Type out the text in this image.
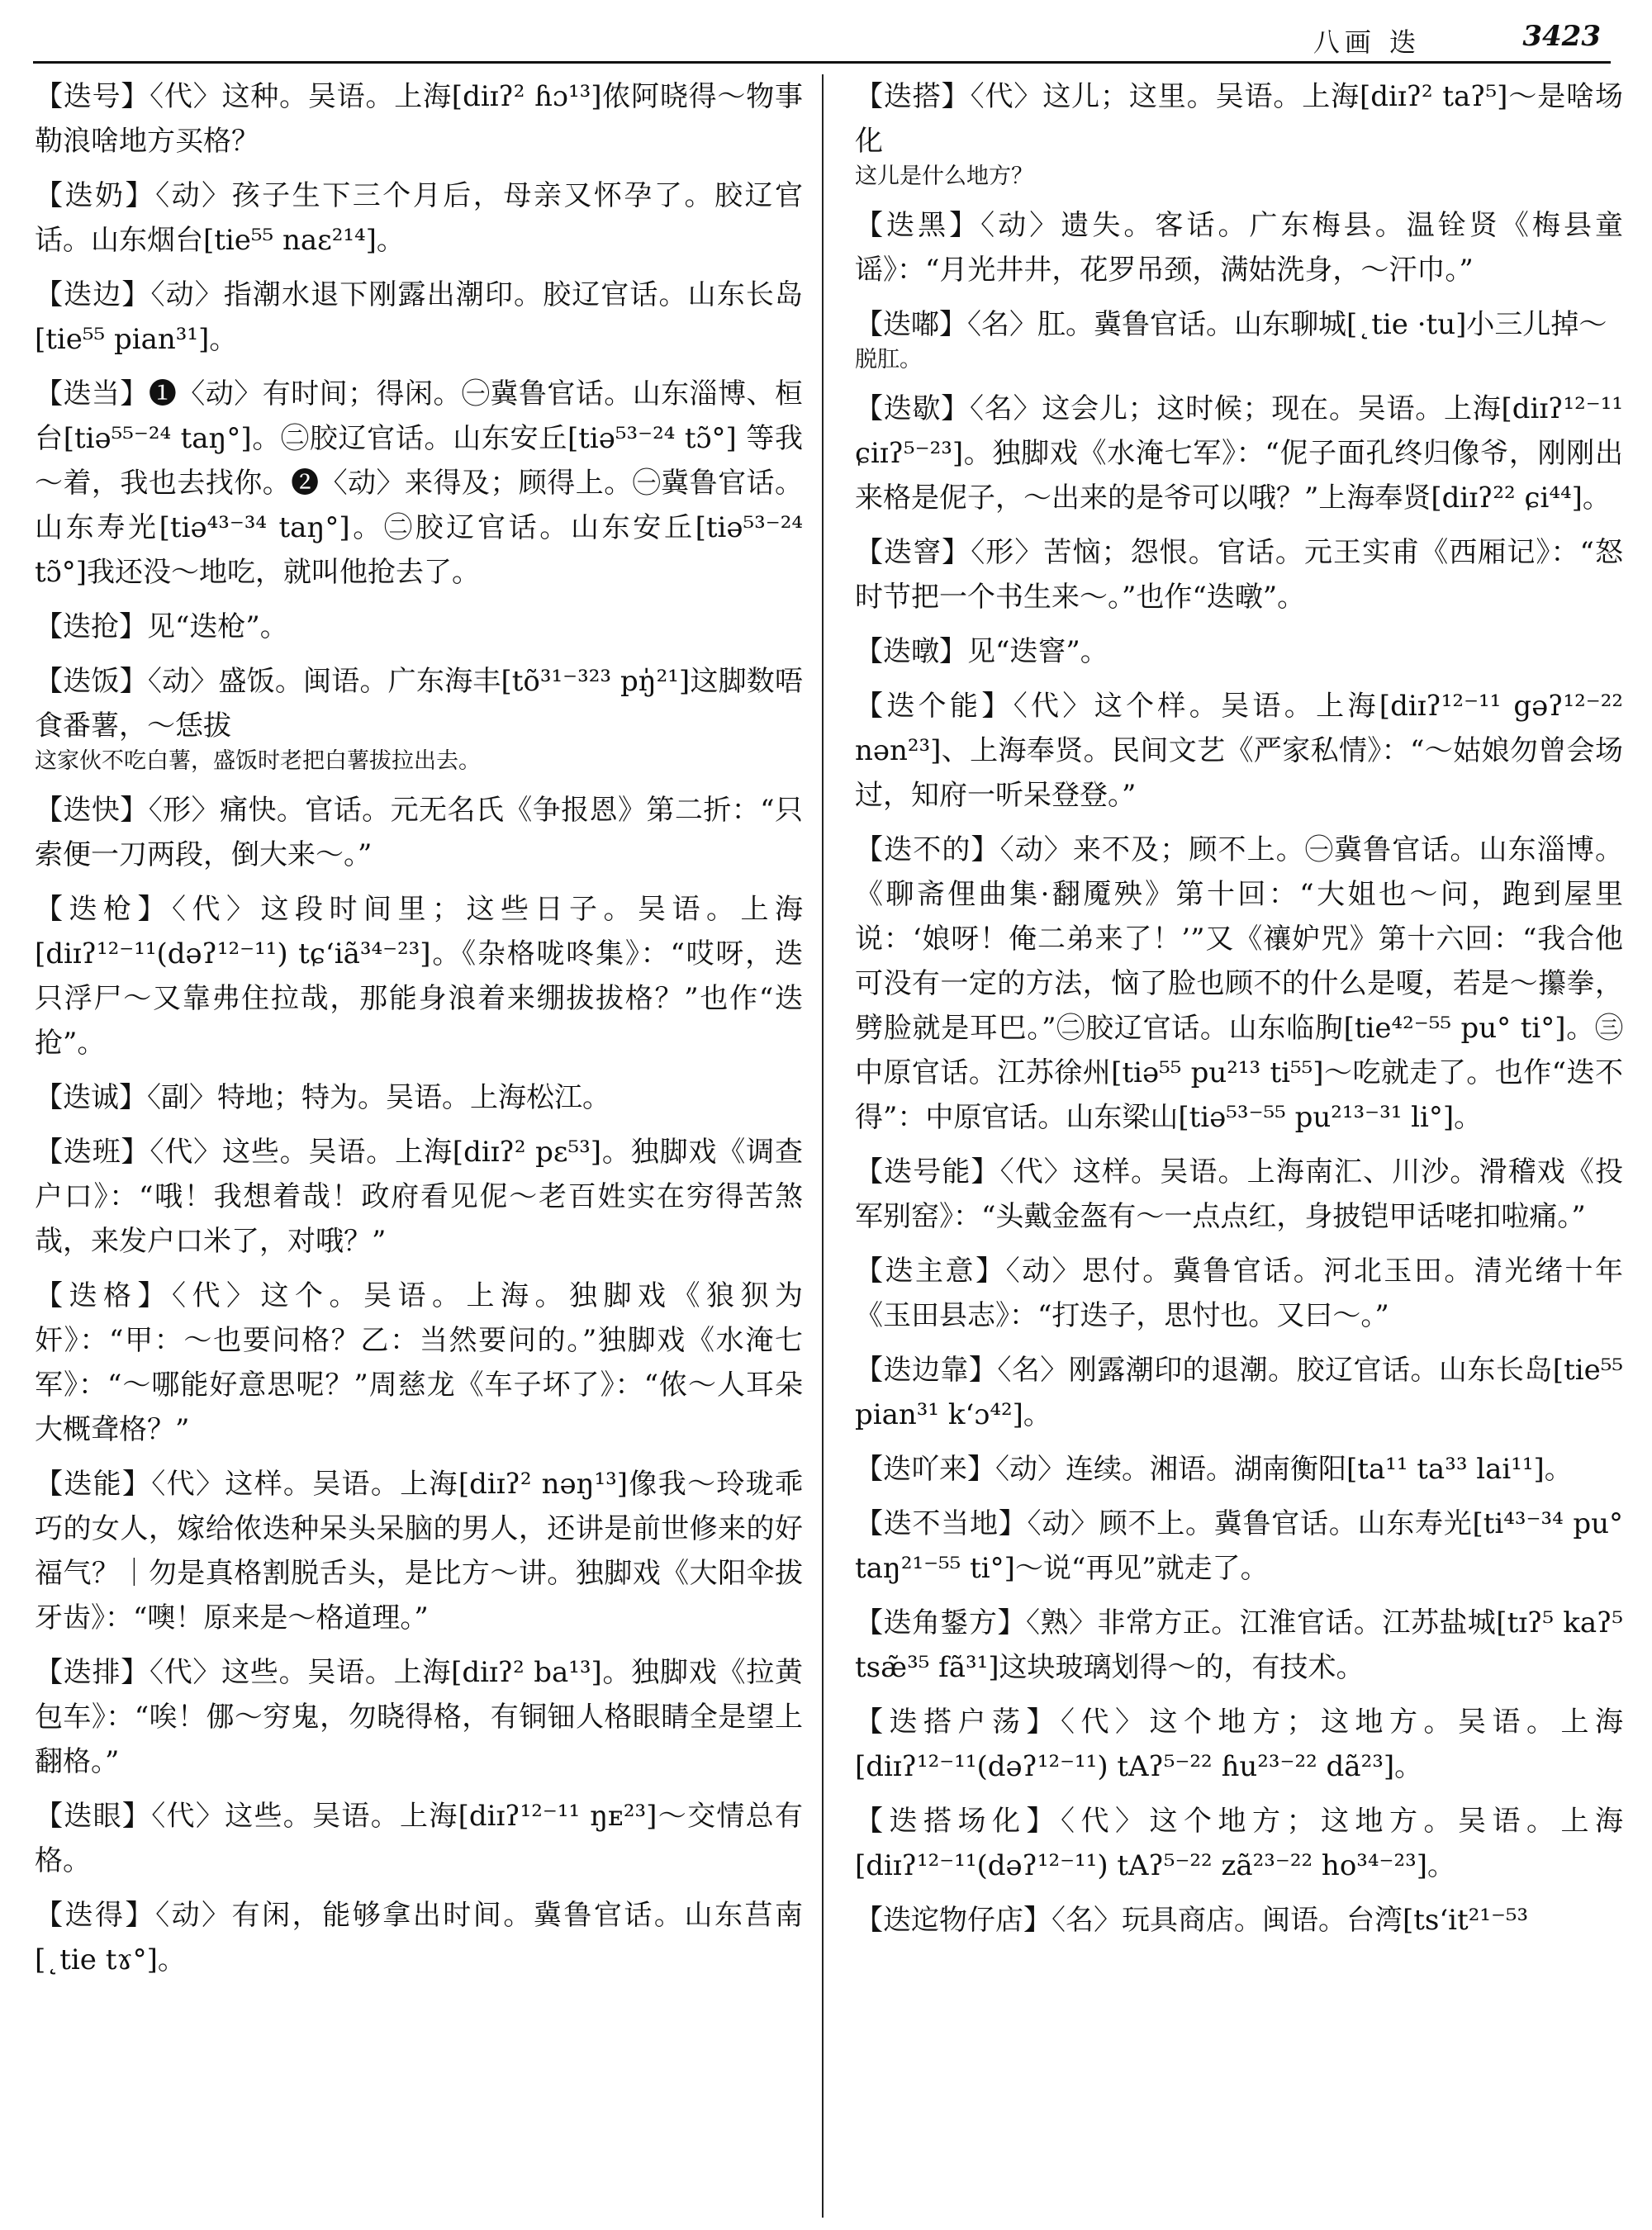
八画 迭	3423
【迭号】〈代〉这种。吴语。上海[diɪʔ² ɦɔ¹³]侬阿晓得～物事勒浪啥地方买格？
【迭奶】〈动〉孩子生下三个月后，母亲又怀孕了。胶辽官话。山东烟台[tie⁵⁵ naɛ²¹⁴]。
【迭边】〈动〉指潮水退下刚露出潮印。胶辽官话。山东长岛[tie⁵⁵ pian³¹]。
【迭当】❶〈动〉有时间；得闲。㊀冀鲁官话。山东淄博、桓台[tiə⁵⁵⁻²⁴ taŋ°]。㊁胶辽官话。山东安丘[tiə⁵³⁻²⁴ tɔ̃°] 等我～着，我也去找你。❷〈动〉来得及；顾得上。㊀冀鲁官话。山东寿光[tiə⁴³⁻³⁴ taŋ°]。㊁胶辽官话。山东安丘[tiə⁵³⁻²⁴ tɔ̃°]我还没～地吃，就叫他抢去了。
【迭抢】见“迭枪”。
【迭饭】〈动〉盛饭。闽语。广东海丰[tõ³¹⁻³²³ pŋ̍²¹]这脚数唔食番薯，～恁拔
这家伙不吃白薯，盛饭时老把白薯拔拉出去。
【迭快】〈形〉痛快。官话。元无名氏《争报恩》第二折：“只索便一刀两段，倒大来～。”
【迭枪】〈代〉这段时间里；这些日子。吴语。上海[diɪʔ¹²⁻¹¹(dəʔ¹²⁻¹¹) tɕʻiã³⁴⁻²³]。《杂格咙咚集》：“哎呀，迭只浮尸～又靠弗住拉哉，那能身浪着来绷拔拔格？”也作“迭抢”。
【迭诚】〈副〉特地；特为。吴语。上海松江。
【迭班】〈代〉这些。吴语。上海[diɪʔ² pɛ⁵³]。独脚戏《调查户口》：“哦！我想着哉！政府看见伲～老百姓实在穷得苦煞哉，来发户口米了，对哦？”
【迭格】〈代〉这个。吴语。上海。独脚戏《狼狈为奸》：“甲：～也要问格？乙：当然要问的。”独脚戏《水淹七军》：“～哪能好意思呢？”周慈龙《车子坏了》：“侬～人耳朵大概聋格？”
【迭能】〈代〉这样。吴语。上海[diɪʔ² nəŋ¹³]像我～玲珑乖巧的女人，嫁给侬迭种呆头呆脑的男人，还讲是前世修来的好福气？｜勿是真格割脱舌头，是比方～讲。独脚戏《大阳伞拔牙齿》：“噢！原来是～格道理。”
【迭排】〈代〉这些。吴语。上海[diɪʔ² ba¹³]。独脚戏《拉黄包车》：“唉！㑚～穷鬼，勿晓得格，有铜钿人格眼睛全是望上翻格。”
【迭眼】〈代〉这些。吴语。上海[diɪʔ¹²⁻¹¹ ŋᴇ²³]～交情总有格。
【迭得】〈动〉有闲，能够拿出时间。冀鲁官话。山东莒南[˛tie tɤ°]。
【迭搭】〈代〉这儿；这里。吴语。上海[diɪʔ² taʔ⁵]～是啥场化
这儿是什么地方？
【迭黑】〈动〉遗失。客话。广东梅县。温铨贤《梅县童谣》：“月光井井，花罗吊颈，满姑洗身，～汗巾。”
【迭嘟】〈名〉肛。冀鲁官话。山东聊城[˛tie ·tu]小三儿掉～
脱肛。
【迭歇】〈名〉这会儿；这时候；现在。吴语。上海[diɪʔ¹²⁻¹¹ ɕiɪʔ⁵⁻²³]。独脚戏《水淹七军》：“伲子面孔终归像爷，刚刚出来格是伲子，～出来的是爷可以哦？”上海奉贤[diɪʔ²² ɕi⁴⁴]。
【迭窨】〈形〉苦恼；怨恨。官话。元王实甫《西厢记》：“怒时节把一个书生来～。”也作“迭暾”。
【迭暾】见“迭窨”。
【迭个能】〈代〉这个样。吴语。上海[diɪʔ¹²⁻¹¹ gəʔ¹²⁻²² nən²³]、上海奉贤。民间文艺《严家私情》：“～姑娘勿曾会场过，知府一听呆登登。”
【迭不的】〈动〉来不及；顾不上。㊀冀鲁官话。山东淄博。《聊斋俚曲集·翻魇殃》第十回：“大姐也～问，跑到屋里说：‘娘呀！俺二弟来了！’”又《禳妒咒》第十六回：“我合他可没有一定的方法，恼了脸也顾不的什么是嗄，若是～攥拳，劈脸就是耳巴。”㊁胶辽官话。山东临朐[tie⁴²⁻⁵⁵ pu° ti°]。㊂中原官话。江苏徐州[tiə⁵⁵ pu²¹³ ti⁵⁵]～吃就走了。也作“迭不得”：中原官话。山东梁山[tiə⁵³⁻⁵⁵ pu²¹³⁻³¹ li°]。
【迭号能】〈代〉这样。吴语。上海南汇、川沙。滑稽戏《投军别窑》：“头戴金盔有～一点点红，身披铠甲话咾扣啦痛。”
【迭主意】〈动〉思付。冀鲁官话。河北玉田。清光绪十年《玉田县志》：“打迭子，思忖也。又曰～。”
【迭边靠】〈名〉刚露潮印的退潮。胶辽官话。山东长岛[tie⁵⁵ pian³¹ kʻɔ⁴²]。
【迭吖来】〈动〉连续。湘语。湖南衡阳[ta¹¹ ta³³ lai¹¹]。
【迭不当地】〈动〉顾不上。冀鲁官话。山东寿光[ti⁴³⁻³⁴ pu° taŋ²¹⁻⁵⁵ ti°]～说“再见”就走了。
【迭角鋬方】〈熟〉非常方正。江淮官话。江苏盐城[tɪʔ⁵ kaʔ⁵ tsæ̃³⁵ fã³¹]这块玻璃划得～的，有技术。
【迭搭户荡】〈代〉这个地方；这地方。吴语。上海[diɪʔ¹²⁻¹¹(dəʔ¹²⁻¹¹) tAʔ⁵⁻²² ɦu²³⁻²² dã²³]。
【迭搭场化】〈代〉这个地方；这地方。吴语。上海[diɪʔ¹²⁻¹¹(dəʔ¹²⁻¹¹) tAʔ⁵⁻²² zã²³⁻²² ho³⁴⁻²³]。
【迭迱物仔店】〈名〉玩具商店。闽语。台湾[tsʻit²¹⁻⁵³
